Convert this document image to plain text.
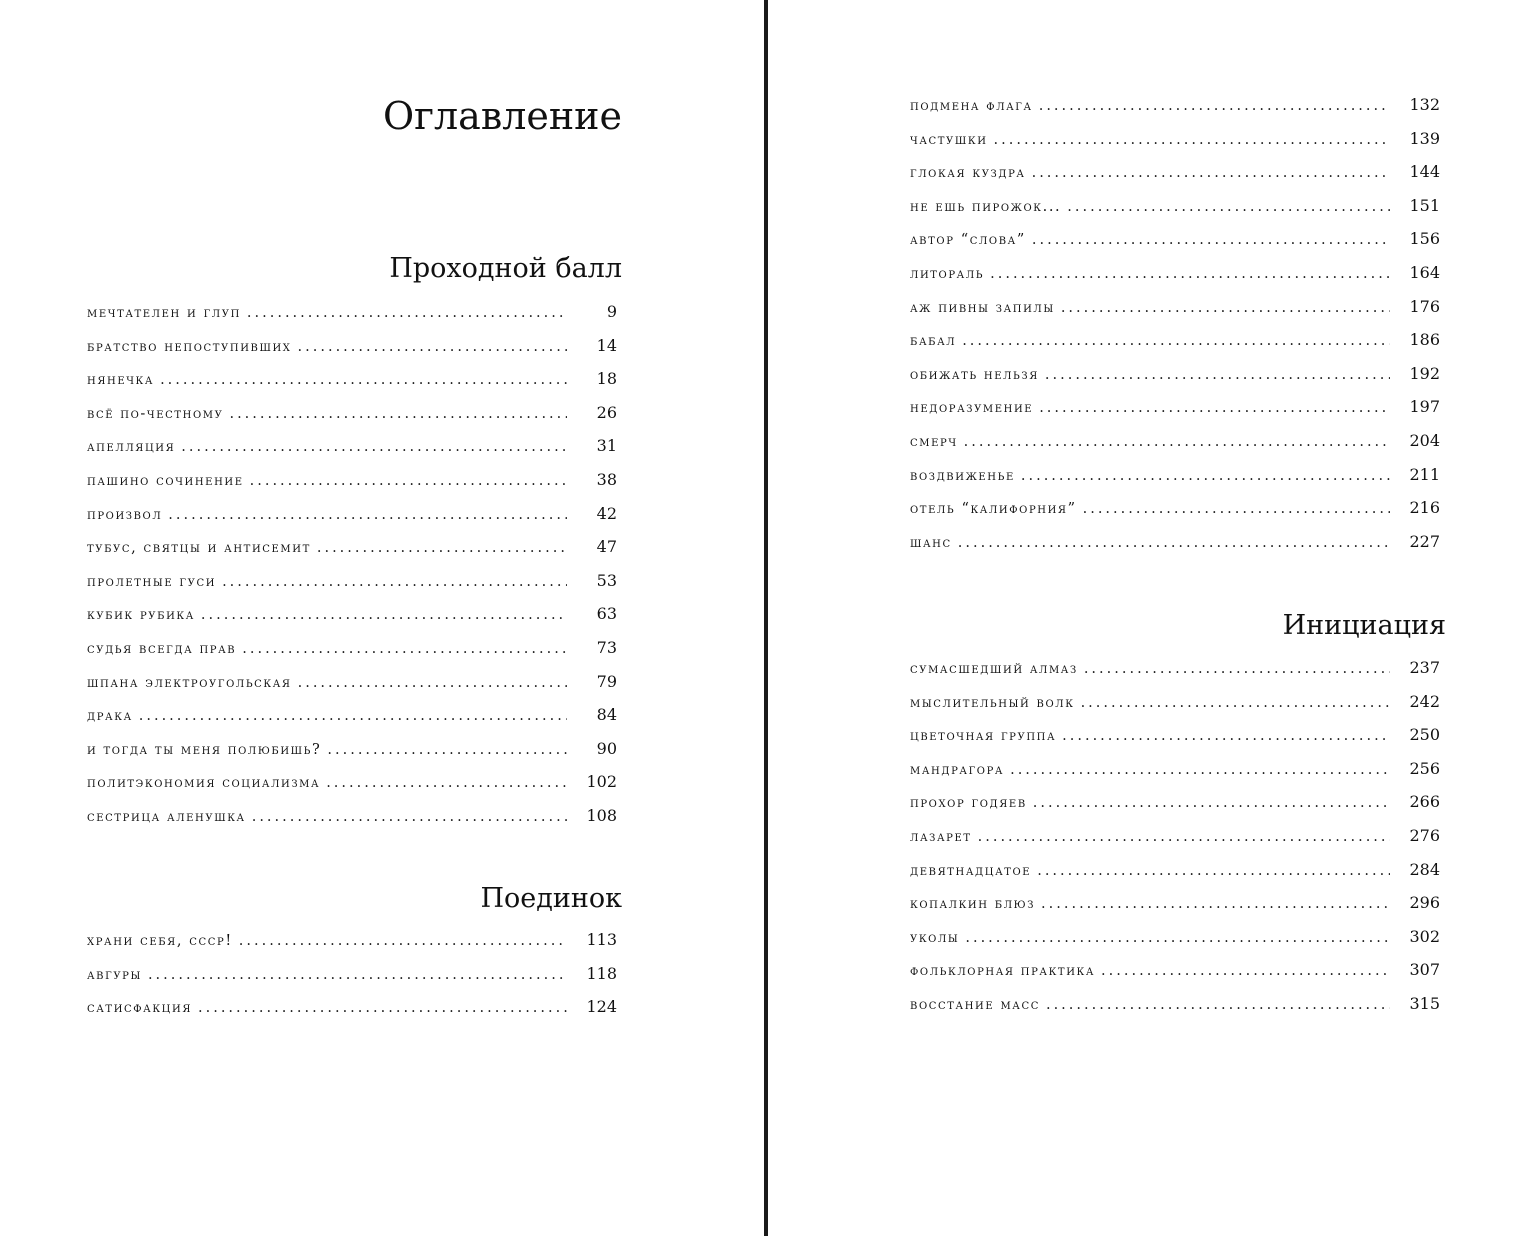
Оглавление
Проходной балл
мечтателен и глуп .....	9
братство непоступивших .....	14
нянечка .....	18
всё по-честному .....	26
апелляция .....	31
пашино сочинение .....	38
произвол .....	42
тубус, святцы и антисемит .....	47
пролетные гуси .....	53
кубик рубика .....	63
судья всегда прав .....	73
шпана электроугольская .....	79
драка .....	84
и тогда ты меня полюбишь? .....	90
политэкономия социализма .....	102
сестрица аленушка .....	108
Поединок
храни себя, ссср! .....	113
авгуры .....	118
сатисфакция .....	124
подмена флага .....	132
частушки .....	139
глокая куздра .....	144
не ешь пирожок... .....	151
автор “слова” .....	156
литораль .....	164
аж пивны запилы .....	176
бабал .....	186
обижать нельзя .....	192
недоразумение .....	197
смерч .....	204
воздвиженье .....	211
отель “калифорния” .....	216
шанс .....	227
Инициация
сумасшедший алмаз .....	237
мыслительный волк .....	242
цветочная группа .....	250
мандрагора .....	256
прохор годяев .....	266
лазарет .....	276
девятнадцатое .....	284
копалкин блюз .....	296
уколы .....	302
фольклорная практика .....	307
восстание масс .....	315
